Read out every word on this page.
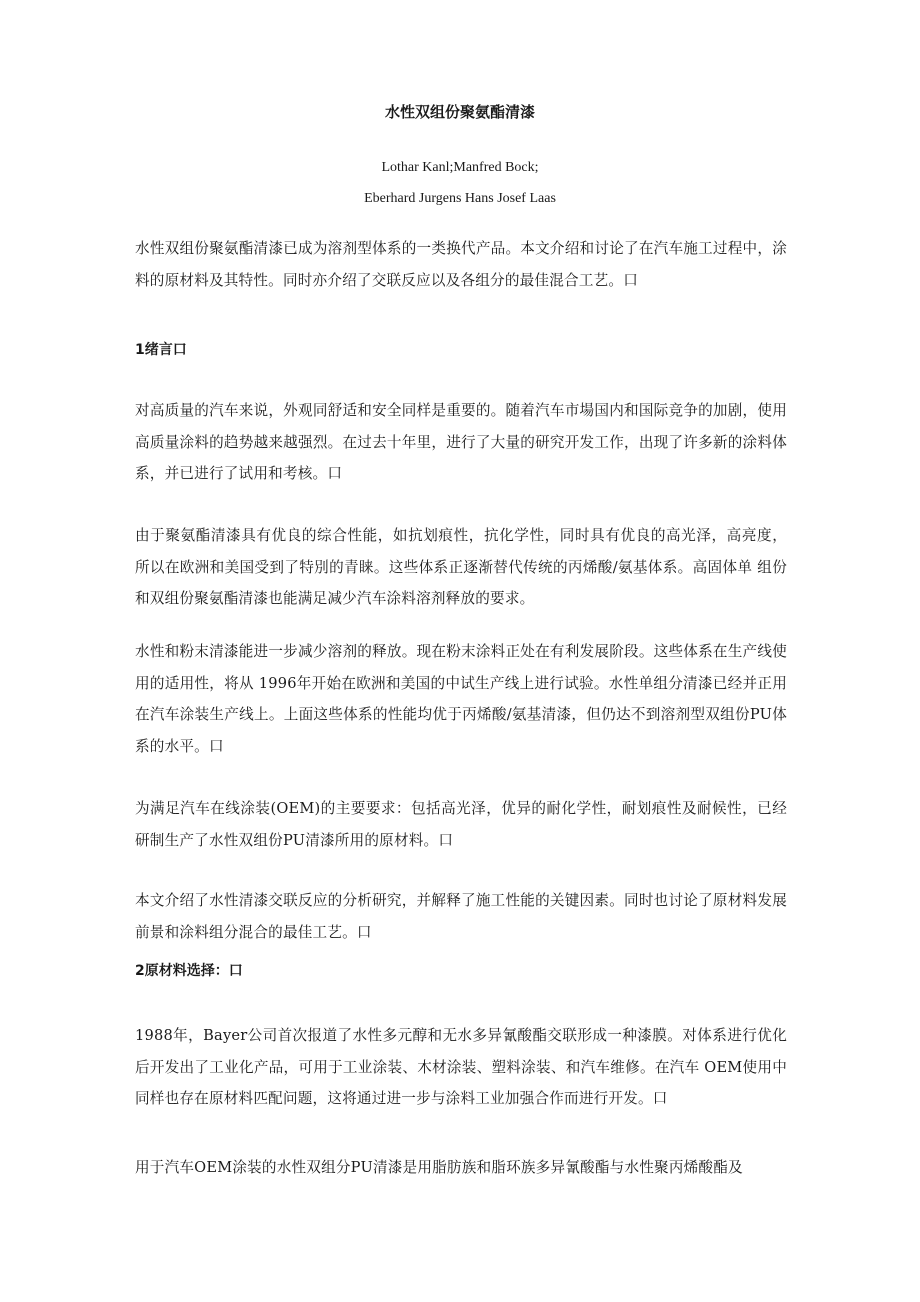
水性双组份聚氨酯清漆

Lothar Kanl;Manfred Bock;

Eberhard Jurgens Hans Josef Laas

水性双组份聚氨酯清漆已成为溶剂型体系的一类换代产品。本文介绍和讨论了在汽车施工过程中，涂料的原材料及其特性。同时亦介绍了交联反应以及各组分的最佳混合工艺。口

1绪言口

对高质量的汽车来说，外观同舒适和安全同样是重要的。随着汽车市場国内和国际竞争的加剧，使用高质量涂料的趋势越来越强烈。在过去十年里，进行了大量的研究开发工作，出现了许多新的涂料体系，并已进行了试用和考核。口

由于聚氨酯清漆具有优良的综合性能，如抗划痕性，抗化学性，同时具有优良的高光泽，高亮度， 所以在欧洲和美国受到了特別的青睐。这些体系正逐渐替代传统的丙烯酸/氨基体系。高固体单 组份和双组份聚氨酯清漆也能满足减少汽车涂料溶剂释放的要求。

水性和粉末清漆能进一步减少溶剂的释放。现在粉末涂料正处在有利发展阶段。这些体系在生产线使用的适用性，将从 1996年开始在欧洲和美国的中试生产线上进行试验。水性单组分清漆已经并正用在汽车涂装生产线上。上面这些体系的性能均优于丙烯酸/氨基清漆，但仍达不到溶剂型双组份PU体系的水平。口

为满足汽车在线涂装(OEM)的主要要求：包括高光泽，优异的耐化学性，耐划痕性及耐候性，已经研制生产了水性双组份PU清漆所用的原材料。口

本文介绍了水性清漆交联反应的分析研究，并解释了施工性能的关键因素。同时也讨论了原材料发展前景和涂料组分混合的最佳工艺。口

2原材料选择：口

1988年，Bayer公司首次报道了水性多元醇和无水多异氰酸酯交联形成一种漆膜。对体系进行优化后开发出了工业化产品，可用于工业涂装、木材涂装、塑料涂装、和汽车维修。在汽车 OEM使用中同样也存在原材料匹配问题，这将通过进一步与涂料工业加强合作而进行开发。口

用于汽车OEM涂装的水性双组分PU清漆是用脂肪族和脂环族多异氰酸酯与水性聚丙烯酸酯及
